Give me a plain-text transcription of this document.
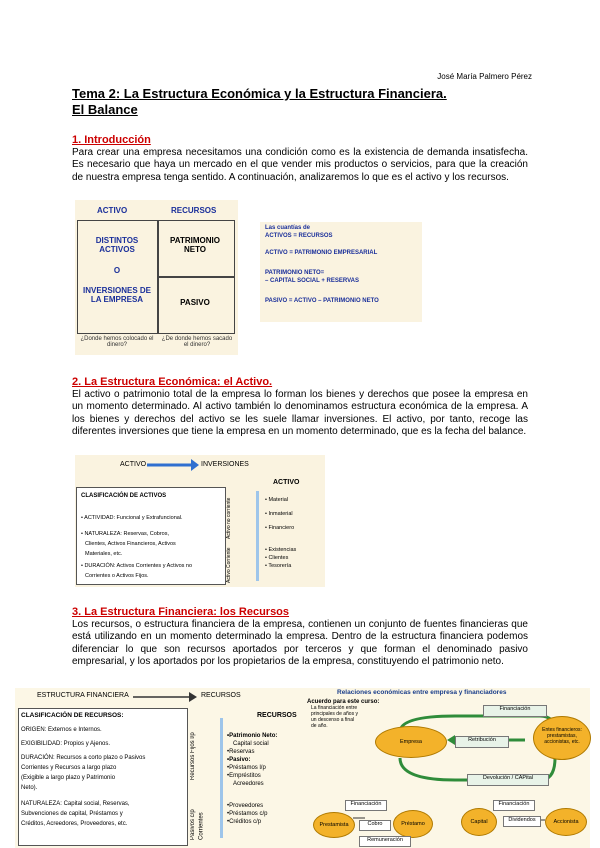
José María Palmero Pérez
Tema 2: La Estructura Económica y la Estructura Financiera.
El Balance
1. Introducción
Para crear una empresa necesitamos una condición como es la existencia de demanda insatisfecha. Es necesario que haya un mercado en el que vender mis productos o servicios, para que la creación de nuestra empresa tenga sentido. A continuación, analizaremos lo que es el activo y los recursos.
ACTIVO	RECURSOS
DISTINTOS ACTIVOS
O
INVERSIONES DE LA EMPRESA
PATRIMONIO NETO
PASIVO
¿Donde hemos colocado el dinero?
¿De donde hemos sacado el dinero?
Las cuantías de
ACTIVOS = RECURSOS
ACTIVO = PATRIMONIO EMPRESARIAL
PATRIMONIO NETO=
– CAPITAL SOCIAL + RESERVAS
PASIVO = ACTIVO – PATRIMONIO NETO
2. La Estructura Económica: el Activo.
El activo o patrimonio total de la empresa lo forman los bienes y derechos que posee la empresa en un momento determinado. Al activo también lo denominamos estructura económica de la empresa. A los bienes y derechos del activo se les suele llamar inversiones. El activo, por tanto, recoge las diferentes inversiones que tiene la empresa en un momento determinado, que es la fecha del balance.
ACTIVO	INVERSIONES
ACTIVO
CLASIFICACIÓN DE ACTIVOS
• ACTIVIDAD: Funcional y Extrafuncional.
• NATURALEZA: Reservas, Cobros,
Clientes, Activos Financieros, Activos
Materiales, etc.
• DURACIÓN: Activos Corrientes y Activos no
Corrientes o Activos Fijos.
Activo no corriente
Activo Corriente
• Material
• Inmaterial
• Financiero
• Existencias
• Clientes
• Tesorería
3. La Estructura Financiera: los Recursos
Los recursos, o estructura financiera de la empresa, contienen un conjunto de fuentes financieras que está utilizando en un momento determinado la empresa. Dentro de la estructura financiera podemos diferenciar lo que son recursos aportados por terceros y que forman el denominado pasivo empresarial, y los aportados por los propietarios de la empresa, constituyendo el patrimonio neto.
ESTRUCTURA FINANCIERA	RECURSOS
CLASIFICACIÓN DE RECURSOS:
ORIGEN: Externos e Internos.
EXIGIBILIDAD: Propios y Ajenos.
DURACIÓN: Recursos a corto plazo o Pasivos
Corrientes y Recursos a largo plazo
(Exigible a largo plazo y Patrimonio
Neto).
NATURALEZA: Capital social, Reservas,
Subvenciones de capital, Préstamos y
Créditos, Acreedores, Proveedores, etc.
Recursos Fijos l/p
Pasivos c/p Corrientes
RECURSOS
•Patrimonio Neto:
Capital social
•Reservas
•Pasivo:
•Préstamos l/p
•Empréstitos
Acreedores
•Proveedores
•Préstamos c/p
•Créditos c/p
Relaciones económicas entre empresa y financiadores
Acuerdo para este curso:
La financiación entre
principales de años y
un descenso a final
de año.
Financiación
Empresa	Retribución
Entes financieros: prestamistas, accionistas, etc.
Devolución / CAPital
Financiación	Financiación
Prestamista	Cobro	Préstamo
Remuneración
Capital	Dividendos	Accionista
